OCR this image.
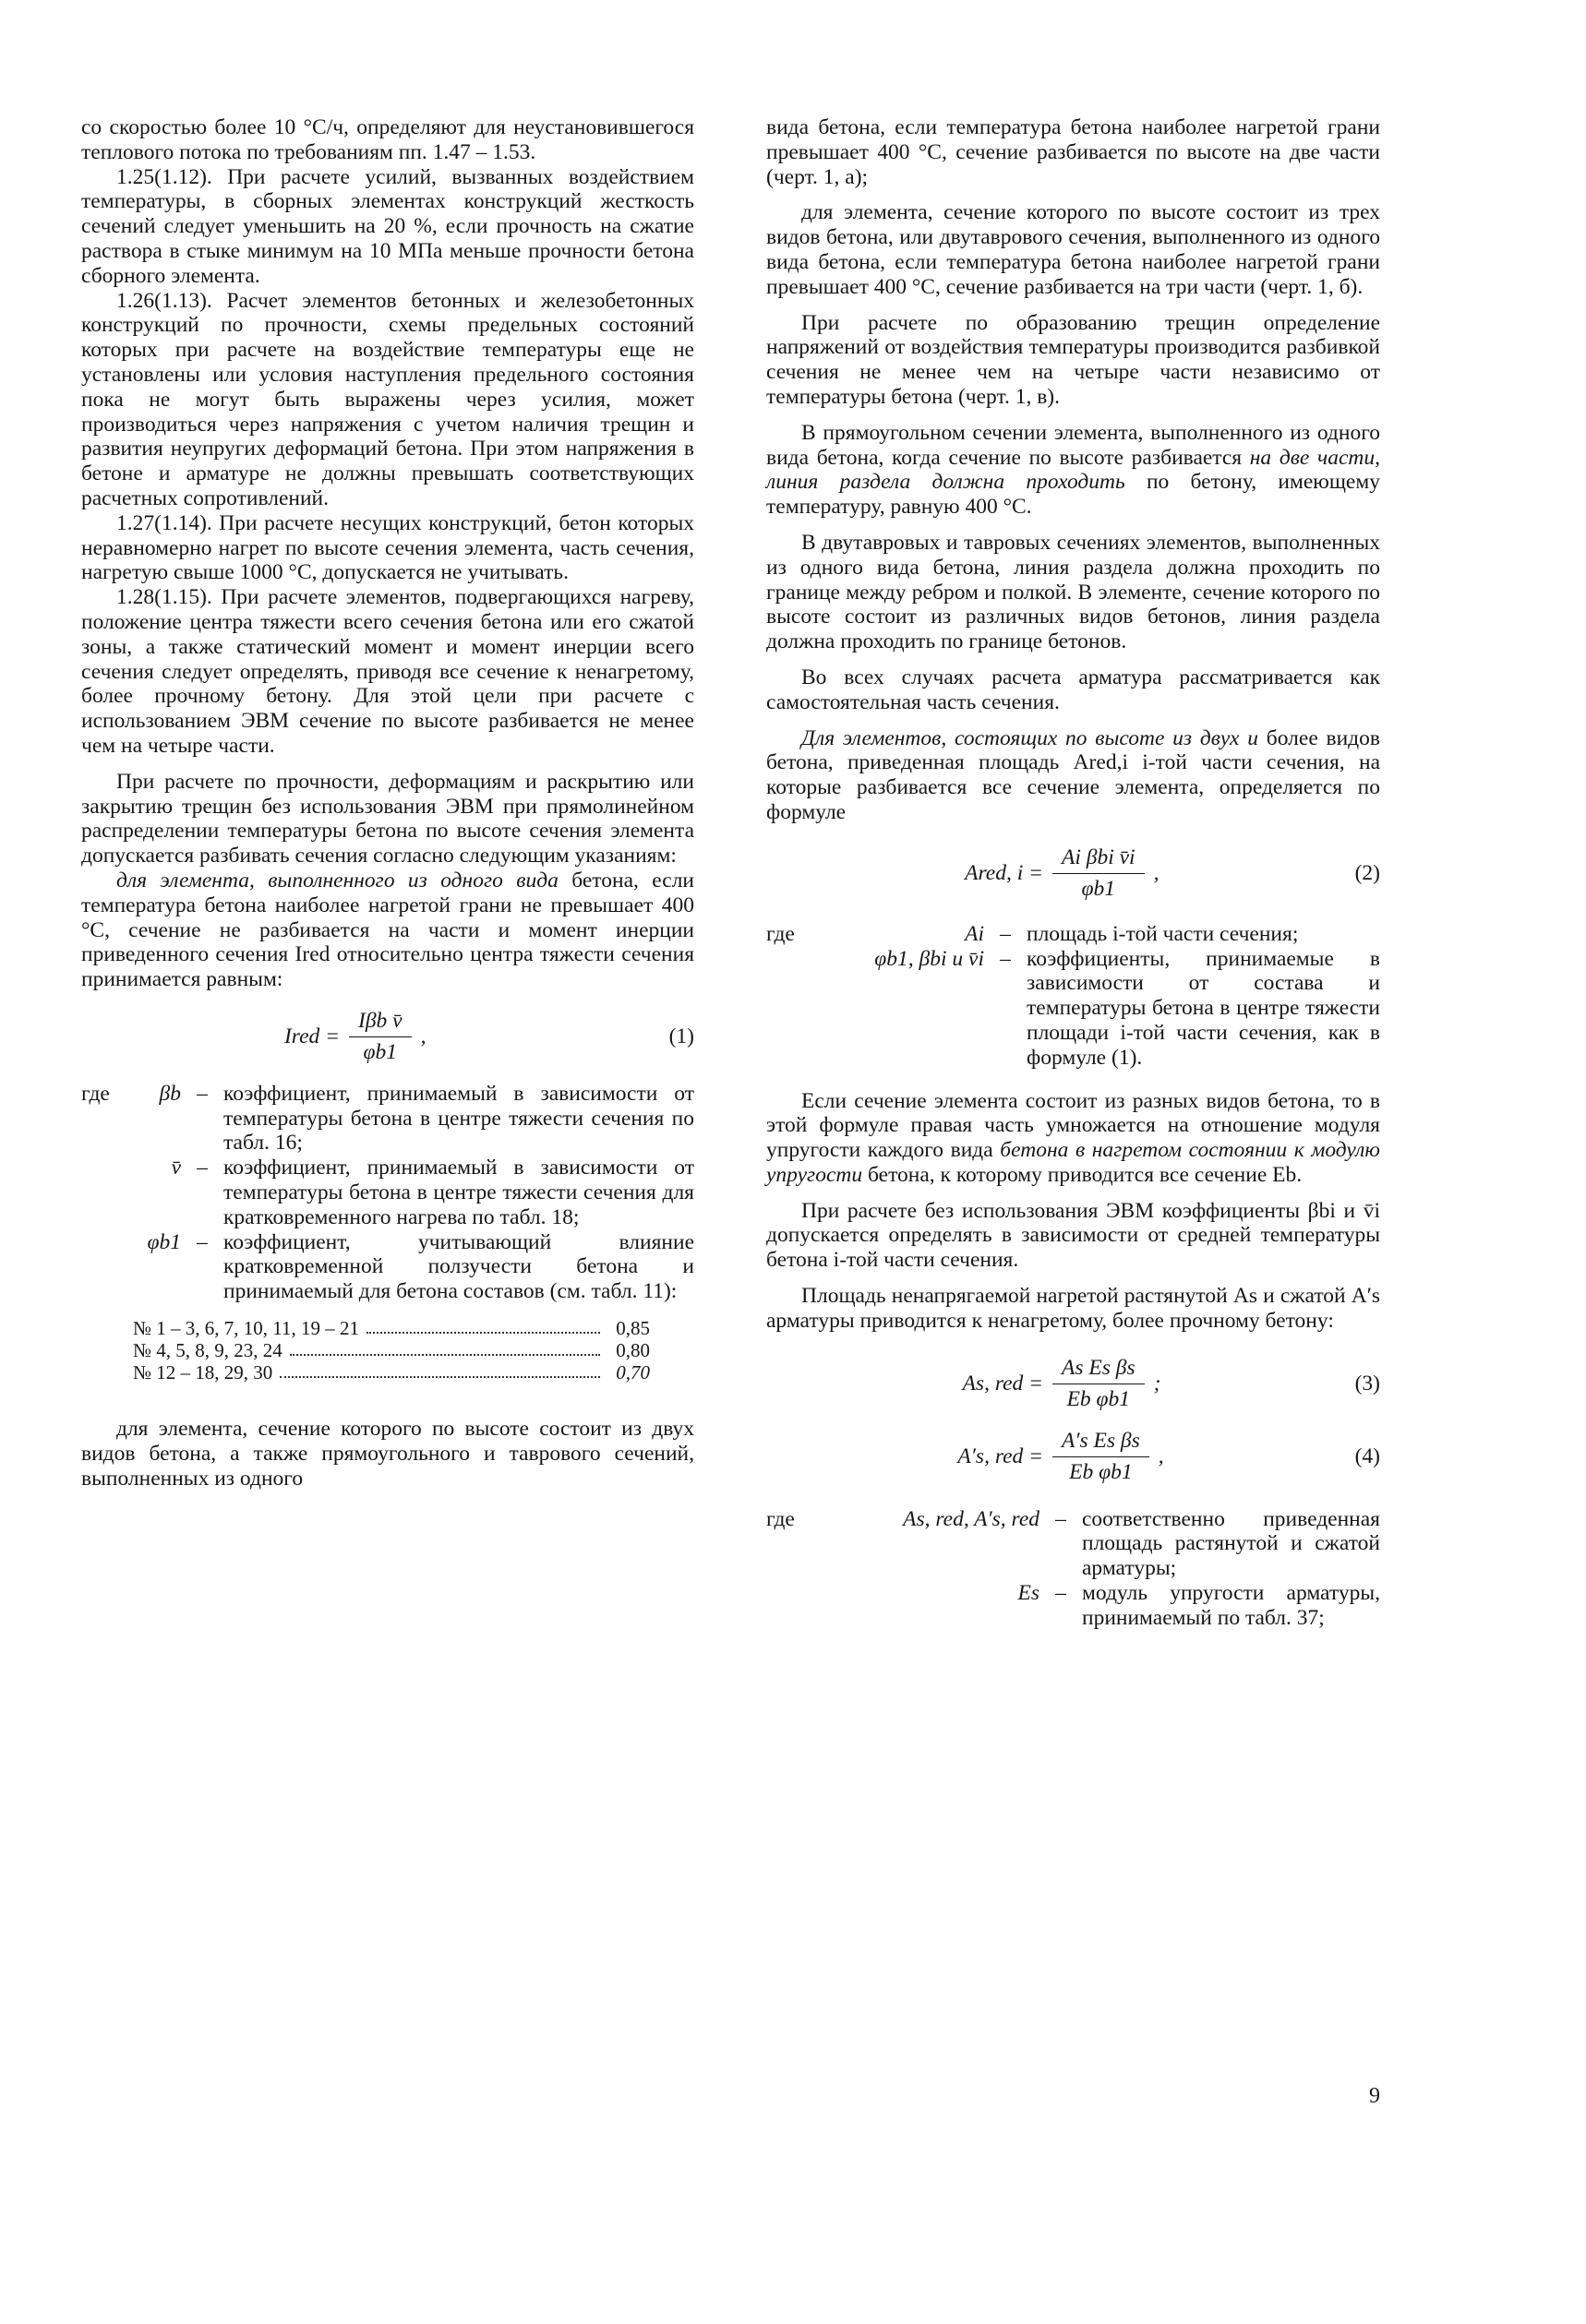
со скоростью более 10 °С/ч, определяют для неустановившегося теплового потока по требованиям пп. 1.47 – 1.53.

1.25(1.12). При расчете усилий, вызванных воздействием температуры, в сборных элементах конструкций жесткость сечений следует уменьшить на 20 %, если прочность на сжатие раствора в стыке минимум на 10 МПа меньше прочности бетона сборного элемента.

1.26(1.13). Расчет элементов бетонных и железобетонных конструкций по прочности, схемы предельных состояний которых при расчете на воздействие температуры еще не установлены или условия наступления предельного состояния пока не могут быть выражены через усилия, может производиться через напряжения с учетом наличия трещин и развития неупругих деформаций бетона. При этом напряжения в бетоне и арматуре не должны превышать соответствующих расчетных сопротивлений.

1.27(1.14). При расчете несущих конструкций, бетон которых неравномерно нагрет по высоте сечения элемента, часть сечения, нагретую свыше 1000 °С, допускается не учитывать.

1.28(1.15). При расчете элементов, подвергающихся нагреву, положение центра тяжести всего сечения бетона или его сжатой зоны, а также статический момент и момент инерции всего сечения следует определять, приводя все сечение к ненагретому, более прочному бетону. Для этой цели при расчете с использованием ЭВМ сечение по высоте разбивается не менее чем на четыре части.

При расчете по прочности, деформациям и раскрытию или закрытию трещин без использования ЭВМ при прямолинейном распределении температуры бетона по высоте сечения элемента допускается разбивать сечения согласно следующим указаниям:

для элемента, выполненного из одного вида бетона, если температура бетона наиболее нагретой грани не превышает 400 °С, сечение не разбивается на части и момент инерции приведенного сечения Ired относительно центра тяжести сечения принимается равным:

Ired = $\frac{\text{Iβb v̄}}{\varphi b1}$ ,	(1)
где	βb – коэффициент, принимаемый в зависимости от температуры бетона в центре тяжести сечения по табл. 16;
v̄ – коэффициент, принимаемый в зависимости от температуры бетона в центре тяжести сечения для кратковременного нагрева по табл. 18;
φb1 – коэффициент, учитывающий влияние кратковременной ползучести бетона и принимаемый для бетона составов (см. табл. 11):
№ 1 – 3, 6, 7, 10, 11, 19 – 21	0,85
№ 4, 5, 8, 9, 23, 24	0,80
№ 12 – 18, 29, 30	0,70

для элемента, сечение которого по высоте состоит из двух видов бетона, а также прямоугольного и таврового сечений, выполненных из одного

вида бетона, если температура бетона наиболее нагретой грани превышает 400 °С, сечение разбивается по высоте на две части (черт. 1, а);

для элемента, сечение которого по высоте состоит из трех видов бетона, или двутаврового сечения, выполненного из одного вида бетона, если температура бетона наиболее нагретой грани превышает 400 °С, сечение разбивается на три части (черт. 1, б).

При расчете по образованию трещин определение напряжений от воздействия температуры производится разбивкой сечения не менее чем на четыре части независимо от температуры бетона (черт. 1, в).

В прямоугольном сечении элемента, выполненного из одного вида бетона, когда сечение по высоте разбивается на две части, линия раздела должна проходить по бетону, имеющему температуру, равную 400 °С.

В двутавровых и тавровых сечениях элементов, выполненных из одного вида бетона, линия раздела должна проходить по границе между ребром и полкой. В элементе, сечение которого по высоте состоит из различных видов бетонов, линия раздела должна проходить по границе бетонов.

Во всех случаях расчета арматура рассматривается как самостоятельная часть сечения.

Для элементов, состоящих по высоте из двух и более видов бетона, приведенная площадь Ared,i i-той части сечения, на которые разбивается все сечение элемента, определяется по формуле

Ared, $i = \frac{\text{Ai βbi v̄i}}{\varphi b1}$ ,	(2)
где	Ai – площадь i-той части сечения;
φb1, βbi и v̄i – коэффициенты, принимаемые в зависимости от состава и температуры бетона в центре тяжести площади i-той части сечения, как в формуле (1).

Если сечение элемента состоит из разных видов бетона, то в этой формуле правая часть умножается на отношение модуля упругости каждого вида бетона в нагретом состоянии к модулю упругости бетона, к которому приводится все сечение Eb.

При расчете без использования ЭВМ коэффициенты βbi и v̄i допускается определять в зависимости от средней температуры бетона i-той части сечения.

Площадь ненапрягаемой нагретой растянутой As и сжатой A′s арматуры приводится к ненагретому, более прочному бетону:

As, red = $\frac{\text{As Es βs}}{\text{Eb φb1}}$ ;	(3)
A′s, red = $\frac{\text{A′s Es βs}}{\text{Eb φb1}}$ ,	(4)
где	As, red, A′s, red – соответственно приведенная площадь растянутой и сжатой арматуры;
Es – модуль упругости арматуры, принимаемый по табл. 37;
9
